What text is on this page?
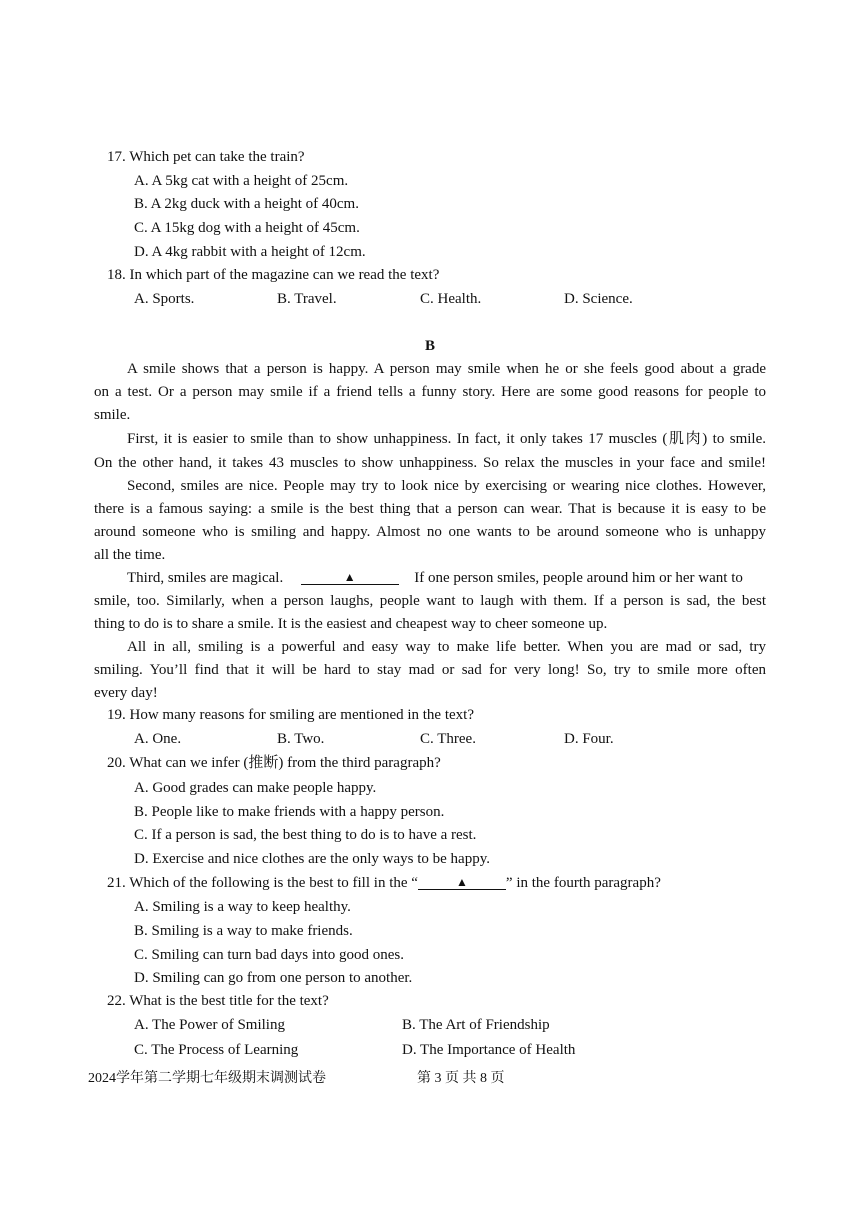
17. Which pet can take the train?
A. A 5kg cat with a height of 25cm.
B. A 2kg duck with a height of 40cm.
C. A 15kg dog with a height of 45cm.
D. A 4kg rabbit with a height of 12cm.
18. In which part of the magazine can we read the text?
A. Sports.	B. Travel.	C. Health.	D. Science.
B
A smile shows that a person is happy. A person may smile when he or she feels good about a grade
on a test. Or a person may smile if a friend tells a funny story. Here are some good reasons for people to
smile.
First, it is easier to smile than to show unhappiness. In fact, it only takes 17 muscles (肌肉) to smile.
On the other hand, it takes 43 muscles to show unhappiness. So relax the muscles in your face and smile!
Second, smiles are nice. People may try to look nice by exercising or wearing nice clothes. However,
there is a famous saying: a smile is the best thing that a person can wear. That is because it is easy to be
around someone who is smiling and happy. Almost no one wants to be around someone who is unhappy
all the time.
Third, smiles are magical.	▲	If one person smiles, people around him or her want to
smile, too. Similarly, when a person laughs, people want to laugh with them. If a person is sad, the best
thing to do is to share a smile. It is the easiest and cheapest way to cheer someone up.
All in all, smiling is a powerful and easy way to make life better. When you are mad or sad, try
smiling. You’ll find that it will be hard to stay mad or sad for very long! So, try to smile more often
every day!
19. How many reasons for smiling are mentioned in the text?
A. One.	B. Two.	C. Three.	D. Four.
20. What can we infer (推断) from the third paragraph?
A. Good grades can make people happy.
B. People like to make friends with a happy person.
C. If a person is sad, the best thing to do is to have a rest.
D. Exercise and nice clothes are the only ways to be happy.
21. Which of the following is the best to fill in the “	▲	” in the fourth paragraph?
A. Smiling is a way to keep healthy.
B. Smiling is a way to make friends.
C. Smiling can turn bad days into good ones.
D. Smiling can go from one person to another.
22. What is the best title for the text?
A. The Power of Smiling	B. The Art of Friendship
C. The Process of Learning	D. The Importance of Health
2024学年第二学期七年级期末调测试卷	第 3 页 共 8 页
